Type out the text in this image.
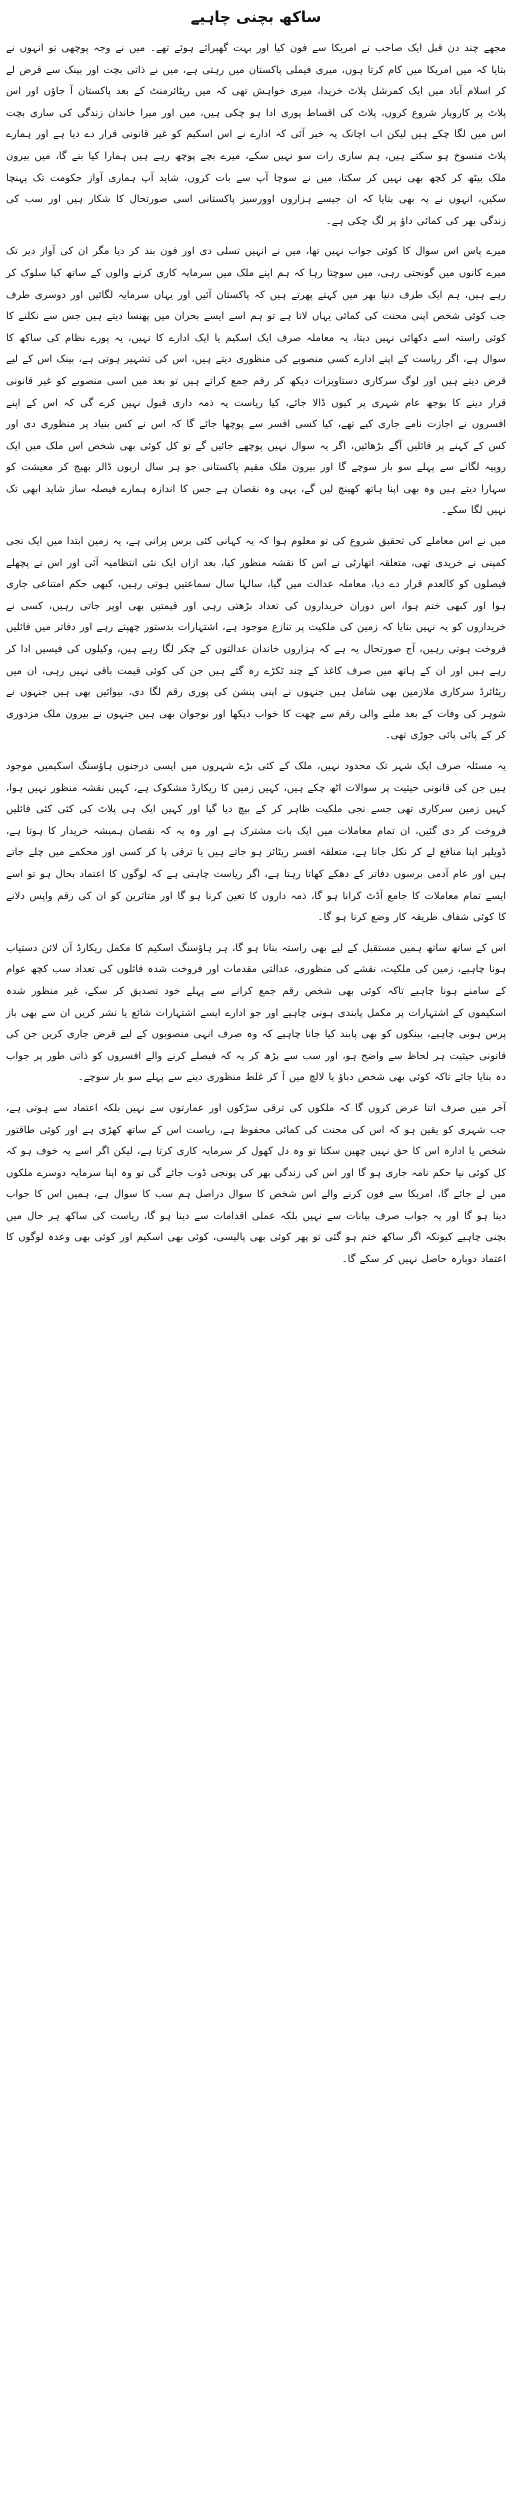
ساکھ بچنی چاہیے

مجھے چند دن قبل ایک صاحب نے امریکا سے فون کیا اور بہت گھبرائے ہوئے تھے۔ میں نے وجہ پوچھی تو انہوں نے بتایا کہ میں امریکا میں کام کرتا ہوں، میری فیملی پاکستان میں رہتی ہے، میں نے ذاتی بچت اور بینک سے قرض لے کر اسلام آباد میں ایک کمرشل پلاٹ خریدا، میری خواہش تھی کہ میں ریٹائرمنٹ کے بعد پاکستان آ جاؤں اور اس پلاٹ پر کاروبار شروع کروں، پلاٹ کی اقساط پوری ادا ہو چکی ہیں، میں اور میرا خاندان زندگی کی ساری بچت اس میں لگا چکے ہیں لیکن اب اچانک یہ خبر آئی کہ ادارے نے اس اسکیم کو غیر قانونی قرار دے دیا ہے اور ہمارے پلاٹ منسوخ ہو سکتے ہیں، ہم ساری رات سو نہیں سکے، میرے بچے پوچھ رہے ہیں ہمارا کیا بنے گا، میں بیرون ملک بیٹھ کر کچھ بھی نہیں کر سکتا، میں نے سوچا آپ سے بات کروں، شاید آپ ہماری آواز حکومت تک پہنچا سکیں، انہوں نے یہ بھی بتایا کہ ان جیسے ہزاروں اوورسیز پاکستانی اسی صورتحال کا شکار ہیں اور سب کی زندگی بھر کی کمائی داؤ پر لگ چکی ہے۔

میرے پاس اس سوال کا کوئی جواب نہیں تھا، میں نے انہیں تسلی دی اور فون بند کر دیا مگر ان کی آواز دیر تک میرے کانوں میں گونجتی رہی، میں سوچتا رہا کہ ہم اپنے ملک میں سرمایہ کاری کرنے والوں کے ساتھ کیا سلوک کر رہے ہیں، ہم ایک طرف دنیا بھر میں کہتے پھرتے ہیں کہ پاکستان آئیں اور یہاں سرمایہ لگائیں اور دوسری طرف جب کوئی شخص اپنی محنت کی کمائی یہاں لاتا ہے تو ہم اسے ایسے بحران میں پھنسا دیتے ہیں جس سے نکلنے کا کوئی راستہ اسے دکھائی نہیں دیتا، یہ معاملہ صرف ایک اسکیم یا ایک ادارے کا نہیں، یہ پورے نظام کی ساکھ کا سوال ہے، اگر ریاست کے اپنے ادارے کسی منصوبے کی منظوری دیتے ہیں، اس کی تشہیر ہوتی ہے، بینک اس کے لیے قرض دیتے ہیں اور لوگ سرکاری دستاویزات دیکھ کر رقم جمع کراتے ہیں تو بعد میں اسی منصوبے کو غیر قانونی قرار دینے کا بوجھ عام شہری پر کیوں ڈالا جائے، کیا ریاست یہ ذمہ داری قبول نہیں کرے گی کہ اس کے اپنے افسروں نے اجازت نامے جاری کیے تھے، کیا کسی افسر سے پوچھا جائے گا کہ اس نے کس بنیاد پر منظوری دی اور کس کے کہنے پر فائلیں آگے بڑھائیں، اگر یہ سوال نہیں پوچھے جائیں گے تو کل کوئی بھی شخص اس ملک میں ایک روپیہ لگانے سے پہلے سو بار سوچے گا اور بیرون ملک مقیم پاکستانی جو ہر سال اربوں ڈالر بھیج کر معیشت کو سہارا دیتے ہیں وہ بھی اپنا ہاتھ کھینچ لیں گے، یہی وہ نقصان ہے جس کا اندازہ ہمارے فیصلہ ساز شاید ابھی تک نہیں لگا سکے۔

میں نے اس معاملے کی تحقیق شروع کی تو معلوم ہوا کہ یہ کہانی کئی برس پرانی ہے، یہ زمین ابتدا میں ایک نجی کمپنی نے خریدی تھی، متعلقہ اتھارٹی نے اس کا نقشہ منظور کیا، بعد ازاں ایک نئی انتظامیہ آئی اور اس نے پچھلے فیصلوں کو کالعدم قرار دے دیا، معاملہ عدالت میں گیا، سالہا سال سماعتیں ہوتی رہیں، کبھی حکم امتناعی جاری ہوا اور کبھی ختم ہوا، اس دوران خریداروں کی تعداد بڑھتی رہی اور قیمتیں بھی اوپر جاتی رہیں، کسی نے خریداروں کو یہ نہیں بتایا کہ زمین کی ملکیت پر تنازع موجود ہے، اشتہارات بدستور چھپتے رہے اور دفاتر میں فائلیں فروخت ہوتی رہیں، آج صورتحال یہ ہے کہ ہزاروں خاندان عدالتوں کے چکر لگا رہے ہیں، وکیلوں کی فیسیں ادا کر رہے ہیں اور ان کے ہاتھ میں صرف کاغذ کے چند ٹکڑے رہ گئے ہیں جن کی کوئی قیمت باقی نہیں رہی، ان میں ریٹائرڈ سرکاری ملازمین بھی شامل ہیں جنہوں نے اپنی پنشن کی پوری رقم لگا دی، بیوائیں بھی ہیں جنہوں نے شوہر کی وفات کے بعد ملنے والی رقم سے چھت کا خواب دیکھا اور نوجوان بھی ہیں جنہوں نے بیرون ملک مزدوری کر کے پائی پائی جوڑی تھی۔

یہ مسئلہ صرف ایک شہر تک محدود نہیں، ملک کے کئی بڑے شہروں میں ایسی درجنوں ہاؤسنگ اسکیمیں موجود ہیں جن کی قانونی حیثیت پر سوالات اٹھ چکے ہیں، کہیں زمین کا ریکارڈ مشکوک ہے، کہیں نقشہ منظور نہیں ہوا، کہیں زمین سرکاری تھی جسے نجی ملکیت ظاہر کر کے بیچ دیا گیا اور کہیں ایک ہی پلاٹ کی کئی کئی فائلیں فروخت کر دی گئیں، ان تمام معاملات میں ایک بات مشترک ہے اور وہ یہ کہ نقصان ہمیشہ خریدار کا ہوتا ہے، ڈویلپر اپنا منافع لے کر نکل جاتا ہے، متعلقہ افسر ریٹائر ہو جاتے ہیں یا ترقی پا کر کسی اور محکمے میں چلے جاتے ہیں اور عام آدمی برسوں دفاتر کے دھکے کھاتا رہتا ہے، اگر ریاست چاہتی ہے کہ لوگوں کا اعتماد بحال ہو تو اسے ایسے تمام معاملات کا جامع آڈٹ کرانا ہو گا، ذمہ داروں کا تعین کرنا ہو گا اور متاثرین کو ان کی رقم واپس دلانے کا کوئی شفاف طریقہ کار وضع کرنا ہو گا۔

اس کے ساتھ ساتھ ہمیں مستقبل کے لیے بھی راستہ بنانا ہو گا، ہر ہاؤسنگ اسکیم کا مکمل ریکارڈ آن لائن دستیاب ہونا چاہیے، زمین کی ملکیت، نقشے کی منظوری، عدالتی مقدمات اور فروخت شدہ فائلوں کی تعداد سب کچھ عوام کے سامنے ہونا چاہیے تاکہ کوئی بھی شخص رقم جمع کرانے سے پہلے خود تصدیق کر سکے، غیر منظور شدہ اسکیموں کے اشتہارات پر مکمل پابندی ہونی چاہیے اور جو ادارے ایسے اشتہارات شائع یا نشر کریں ان سے بھی باز پرس ہونی چاہیے، بینکوں کو بھی پابند کیا جانا چاہیے کہ وہ صرف انہی منصوبوں کے لیے قرض جاری کریں جن کی قانونی حیثیت ہر لحاظ سے واضح ہو، اور سب سے بڑھ کر یہ کہ فیصلے کرنے والے افسروں کو ذاتی طور پر جواب دہ بنایا جائے تاکہ کوئی بھی شخص دباؤ یا لالچ میں آ کر غلط منظوری دینے سے پہلے سو بار سوچے۔

آخر میں صرف اتنا عرض کروں گا کہ ملکوں کی ترقی سڑکوں اور عمارتوں سے نہیں بلکہ اعتماد سے ہوتی ہے، جب شہری کو یقین ہو کہ اس کی محنت کی کمائی محفوظ ہے، ریاست اس کے ساتھ کھڑی ہے اور کوئی طاقتور شخص یا ادارہ اس کا حق نہیں چھین سکتا تو وہ دل کھول کر سرمایہ کاری کرتا ہے، لیکن اگر اسے یہ خوف ہو کہ کل کوئی نیا حکم نامہ جاری ہو گا اور اس کی زندگی بھر کی پونجی ڈوب جائے گی تو وہ اپنا سرمایہ دوسرے ملکوں میں لے جائے گا، امریکا سے فون کرنے والے اس شخص کا سوال دراصل ہم سب کا سوال ہے، ہمیں اس کا جواب دینا ہو گا اور یہ جواب صرف بیانات سے نہیں بلکہ عملی اقدامات سے دینا ہو گا، ریاست کی ساکھ ہر حال میں بچنی چاہیے کیونکہ اگر ساکھ ختم ہو گئی تو پھر کوئی بھی پالیسی، کوئی بھی اسکیم اور کوئی بھی وعدہ لوگوں کا اعتماد دوبارہ حاصل نہیں کر سکے گا۔
